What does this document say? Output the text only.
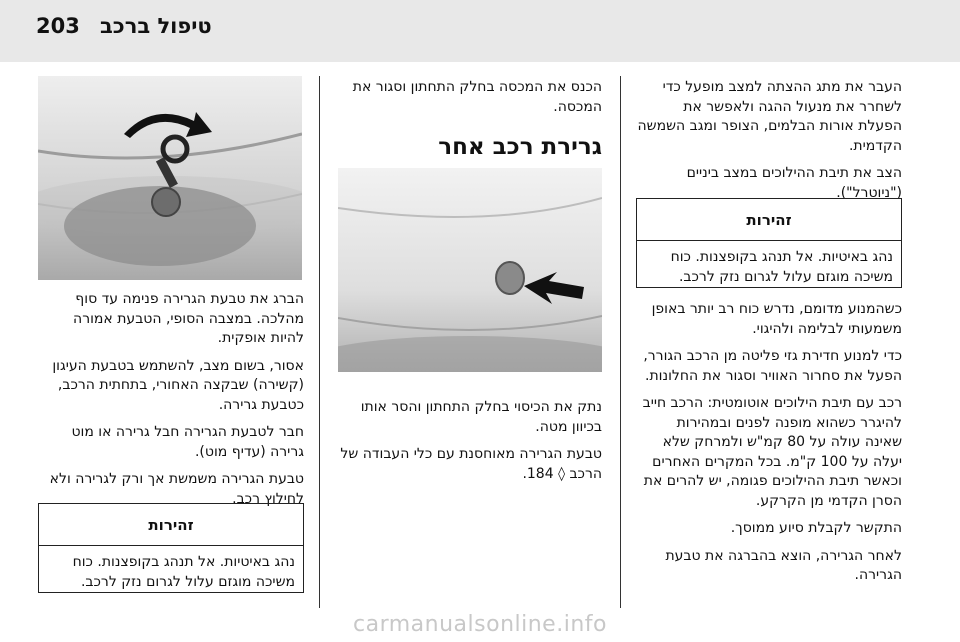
203 טיפול ברכב

הברג את טבעת הגרירה פנימה עד סוף מהלכה. במצבה הסופי, הטבעת אמורה להיות אופקית.

אסור, בשום מצב, להשתמש בטבעת העיגון (קשירה) שבקצה האחורי, בתחתית הרכב, כטבעת גרירה.

חבר לטבעת הגרירה חבל גרירה או מוט גרירה (עדיף מוט).

טבעת הגרירה משמשת אך ורק לגרירה ולא לחילוץ רכב.

זהירות
נהג באיטיות. אל תנהג בקופצנות. כוח משיכה מוגזם עלול לגרום נזק לרכב.

הכנס את המכסה בחלק התחתון וסגור את המכסה.

גרירת רכב אחר

נתק את הכיסוי בחלק התחתון והסר אותו בכיוון מטה.

טבעת הגרירה מאוחסנת עם כלי העבודה של הרכב ◊ 184.

העבר את מתג ההצתה למצב מופעל כדי לשחרר את מנעול ההגה ולאפשר את הפעלת אורות הבלמים, הצופר ומגב השמשה הקדמית.

הצב את תיבת ההילוכים במצב ביניים ("ניוטרל").

זהירות
נהג באיטיות. אל תנהג בקופצנות. כוח משיכה מוגזם עלול לגרום נזק לרכב.

כשהמנוע מדומם, נדרש כוח רב יותר באופן משמעותי לבלימה ולהיגוי.

כדי למנוע חדירת גזי פליטה מן הרכב הגורר, הפעל את סחרור האוויר וסגור את החלונות.

רכב עם תיבת הילוכים אוטומטית: הרכב חייב להיגרר כשהוא מופנה לפנים ובמהירות שאינה עולה על 80 קמ"ש ולמרחק שלא יעלה על 100 ק"מ. בכל המקרים האחרים וכאשר תיבת ההילוכים פגומה, יש להרים את הסרן הקדמי מן הקרקע.

התקשר לקבלת סיוע ממוסך.

לאחר הגרירה, הוצא בהברגה את טבעת הגרירה.

carmanualsonline.info
